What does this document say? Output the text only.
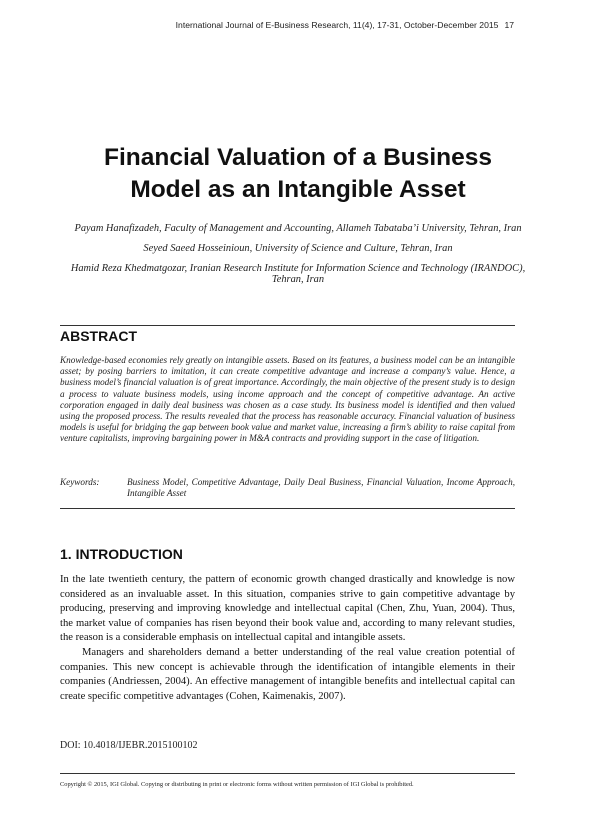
International Journal of E-Business Research, 11(4), 17-31, October-December 2015 17
Financial Valuation of a Business
Model as an Intangible Asset

Payam Hanafizadeh, Faculty of Management and Accounting, Allameh Tabataba’i University, Tehran, Iran

Seyed Saeed Hosseinioun, University of Science and Culture, Tehran, Iran

Hamid Reza Khedmatgozar, Iranian Research Institute for Information Science and Technology (IRANDOC), Tehran, Iran

ABSTRACT
Knowledge-based economies rely greatly on intangible assets. Based on its features, a business model can be an intangible asset; by posing barriers to imitation, it can create competitive advantage and increase a company’s value. Hence, a business model’s financial valuation is of great importance. Accordingly, the main objective of the present study is to design a process to valuate business models, using income approach and the concept of competitive advantage. An active corporation engaged in daily deal business was chosen as a case study. Its business model is identified and then valued using the proposed process. The results revealed that the process has reasonable accuracy. Financial valuation of business models is useful for bridging the gap between book value and market value, increasing a firm’s ability to raise capital from venture capitalists, improving bargaining power in M&A contracts and providing support in the case of litigation.
Keywords:	Business Model, Competitive Advantage, Daily Deal Business, Financial Valuation, Income Approach, Intangible Asset
1. INTRODUCTION

In the late twentieth century, the pattern of economic growth changed drastically and knowledge is now considered as an invaluable asset. In this situation, companies strive to gain competitive advantage by producing, preserving and improving knowledge and intellectual capital (Chen, Zhu, Yuan, 2004). Thus, the market value of companies has risen beyond their book value and, according to many relevant studies, the reason is a considerable emphasis on intellectual capital and intangible assets.

Managers and shareholders demand a better understanding of the real value creation potential of companies. This new concept is achievable through the identification of intangible elements in their companies (Andriessen, 2004). An effective management of intangible benefits and intellectual capital can create specific competitive advantages (Cohen, Kaimenakis, 2007).

DOI: 10.4018/IJEBR.2015100102
Copyright © 2015, IGI Global. Copying or distributing in print or electronic forms without written permission of IGI Global is prohibited.
